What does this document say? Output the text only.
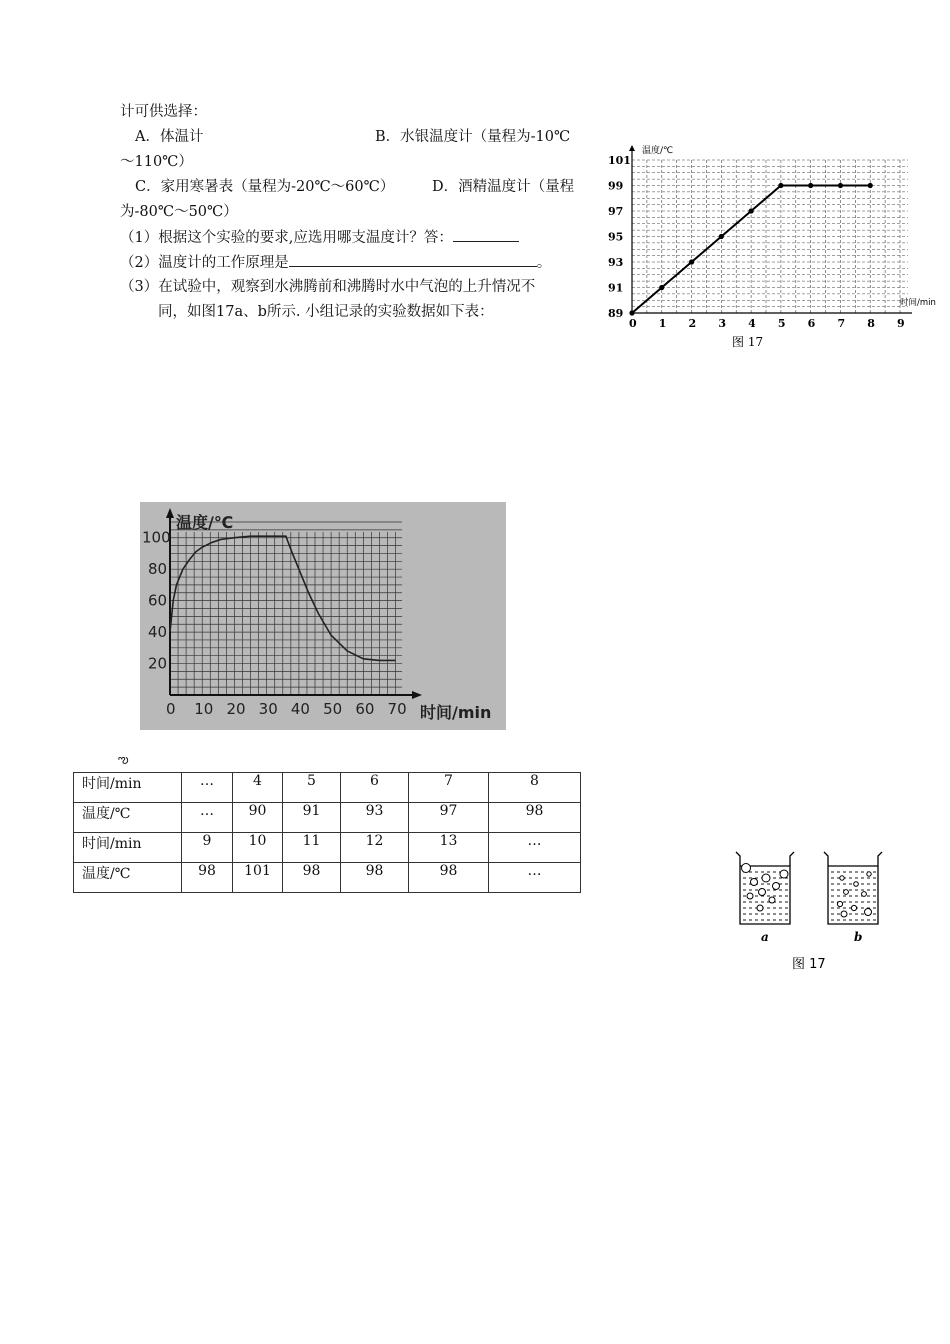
计可供选择：
A．体温计	B．水银温度计（量程为-10℃
～110℃）
C．家用寒暑表（量程为-20℃～60℃）	D．酒精温度计（量程
为-80℃～50℃）
（1）根据这个实验的要求,应选用哪支温度计？答：
（2）温度计的工作原理是	。
（3）在试验中，观察到水沸腾前和沸腾时水中气泡的上升情况不
同，如图17a、b所示. 小组记录的实验数据如下表：
0 1 2 3 4 5 6 7 8 9
89
91
93
95
97
99
101
温度/℃
时间/min
图 17
0 10 20 30 40 50 60 70
20
40
60
80
100
温度/℃
时间/min
ఌ
时间/min	…	4	5	6	7	8
温度/℃	…	90	91	93	97	98
时间/min	9	10	11	12	13	…
温度/℃	98	101	98	98	98	…
a	b
图 17
